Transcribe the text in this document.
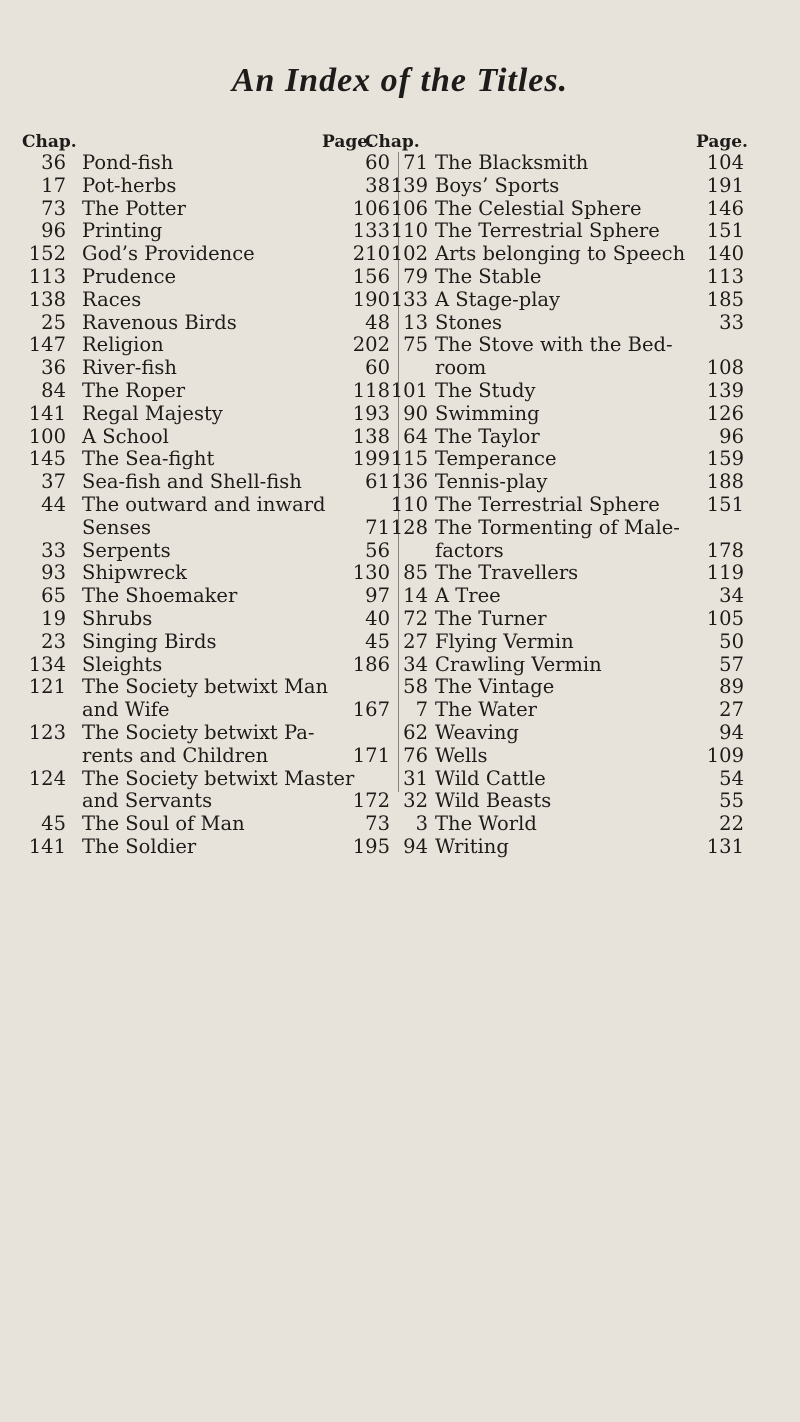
An Index of the Titles.
Chap.	Page.
Chap.	Page.
36 Pond-fish	60
17 Pot-herbs	38
73 The Potter	106
96 Printing	133
152 God’s Providence	210
113 Prudence	156
138 Races	190
25 Ravenous Birds	48
147 Religion	202
36 River-fish	60
84 The Roper	118
141 Regal Majesty	193
100 A School	138
145 The Sea-fight	199
37 Sea-fish and Shell-fish	61
44 The outward and inward
Senses	71
33 Serpents	56
93 Shipwreck	130
65 The Shoemaker	97
19 Shrubs	40
23 Singing Birds	45
134 Sleights	186
121 The Society betwixt Man
and Wife	167
123 The Society betwixt Pa-
rents and Children	171
124 The Society betwixt Master
and Servants	172
45 The Soul of Man	73
141 The Soldier	195
71 The Blacksmith	104
139 Boys’ Sports	191
106 The Celestial Sphere	146
110 The Terrestrial Sphere 151
102 Arts belonging to Speech 140
79 The Stable	113
133 A Stage-play	185
13 Stones	33
75 The Stove with the Bed-
room	108
101 The Study	139
90 Swimming	126
64 The Taylor	96
115 Temperance	159
136 Tennis-play	188
110 The Terrestrial Sphere 151
128 The Tormenting of Male-
factors	178
85 The Travellers	119
14 A Tree	34
72 The Turner	105
27 Flying Vermin	50
34 Crawling Vermin	57
58 The Vintage	89
7 The Water	27
62 Weaving	94
76 Wells	109
31 Wild Cattle	54
32 Wild Beasts	55
3 The World	22
94 Writing	131
